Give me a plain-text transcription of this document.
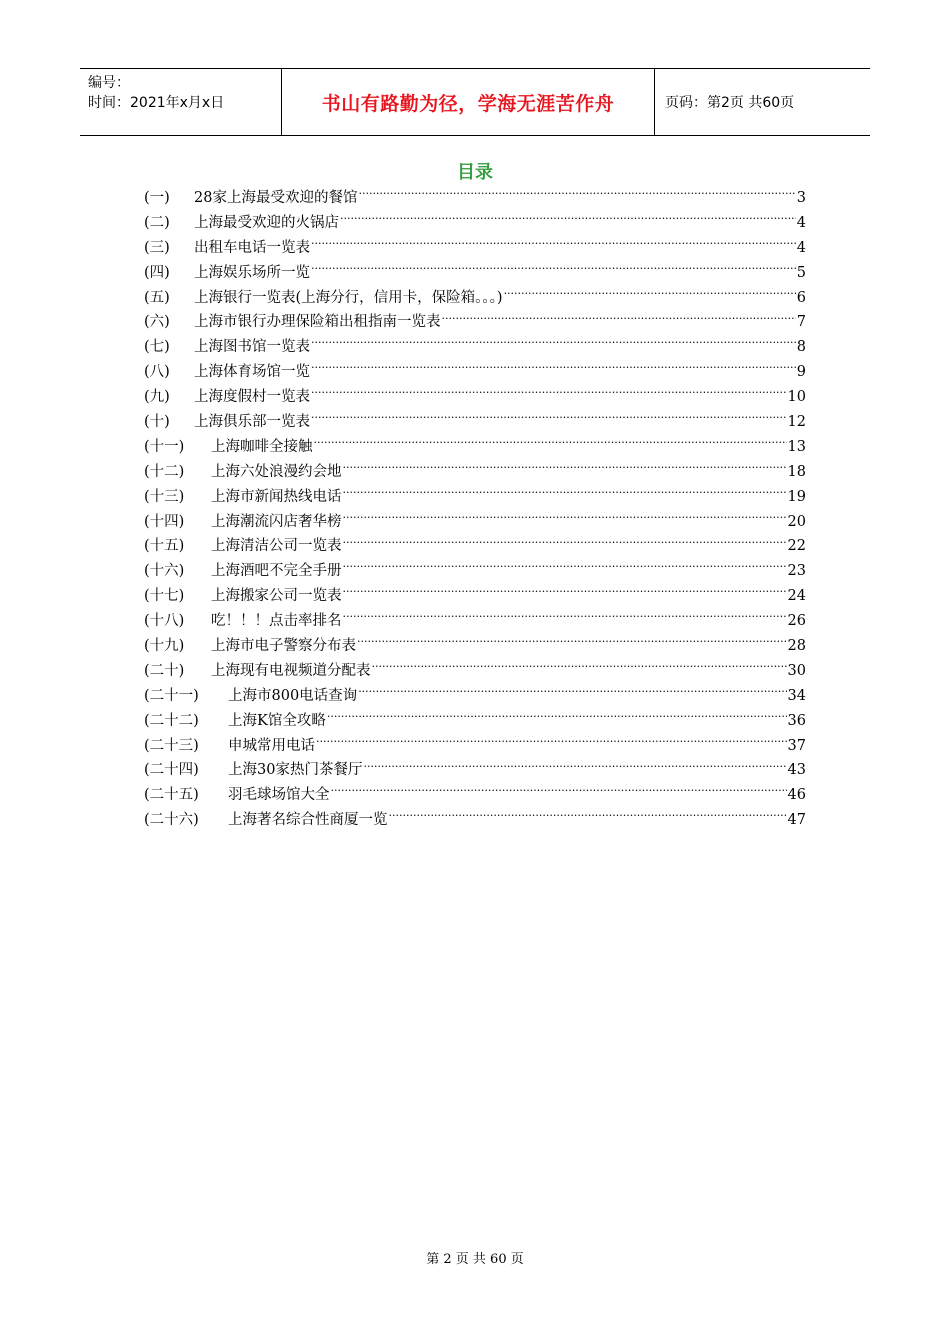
编号：
时间：2021年x月x日	书山有路勤为径，学海无涯苦作舟	页码：第2页 共60页
目录
(一)	28家上海最受欢迎的餐馆 .....	3
(二)	上海最受欢迎的火锅店 .....	4
(三)	出租车电话一览表 .....	4
(四)	上海娱乐场所一览 .....	5
(五)	上海银行一览表(上海分行，信用卡，保险箱。。。) .....	6
(六)	上海市银行办理保险箱出租指南一览表 .....	7
(七)	上海图书馆一览表 .....	8
(八)	上海体育场馆一览 .....	9
(九)	上海度假村一览表 .....	10
(十)	上海俱乐部一览表 .....	12
(十一)	上海咖啡全接触 .....	13
(十二)	上海六处浪漫约会地 .....	18
(十三)	上海市新闻热线电话 .....	19
(十四)	上海潮流闪店奢华榜 .....	20
(十五)	上海清洁公司一览表 .....	22
(十六)	上海酒吧不完全手册 .....	23
(十七)	上海搬家公司一览表 .....	24
(十八)	吃！！！点击率排名 .....	26
(十九)	上海市电子警察分布表 .....	28
(二十)	上海现有电视频道分配表 .....	30
(二十一)	上海市800电话查询 .....	34
(二十二)	上海K馆全攻略 .....	36
(二十三)	申城常用电话 .....	37
(二十四)	上海30家热门茶餐厅 .....	43
(二十五)	羽毛球场馆大全 .....	46
(二十六)	上海著名综合性商厦一览 .....	47
第 2 页 共 60 页
